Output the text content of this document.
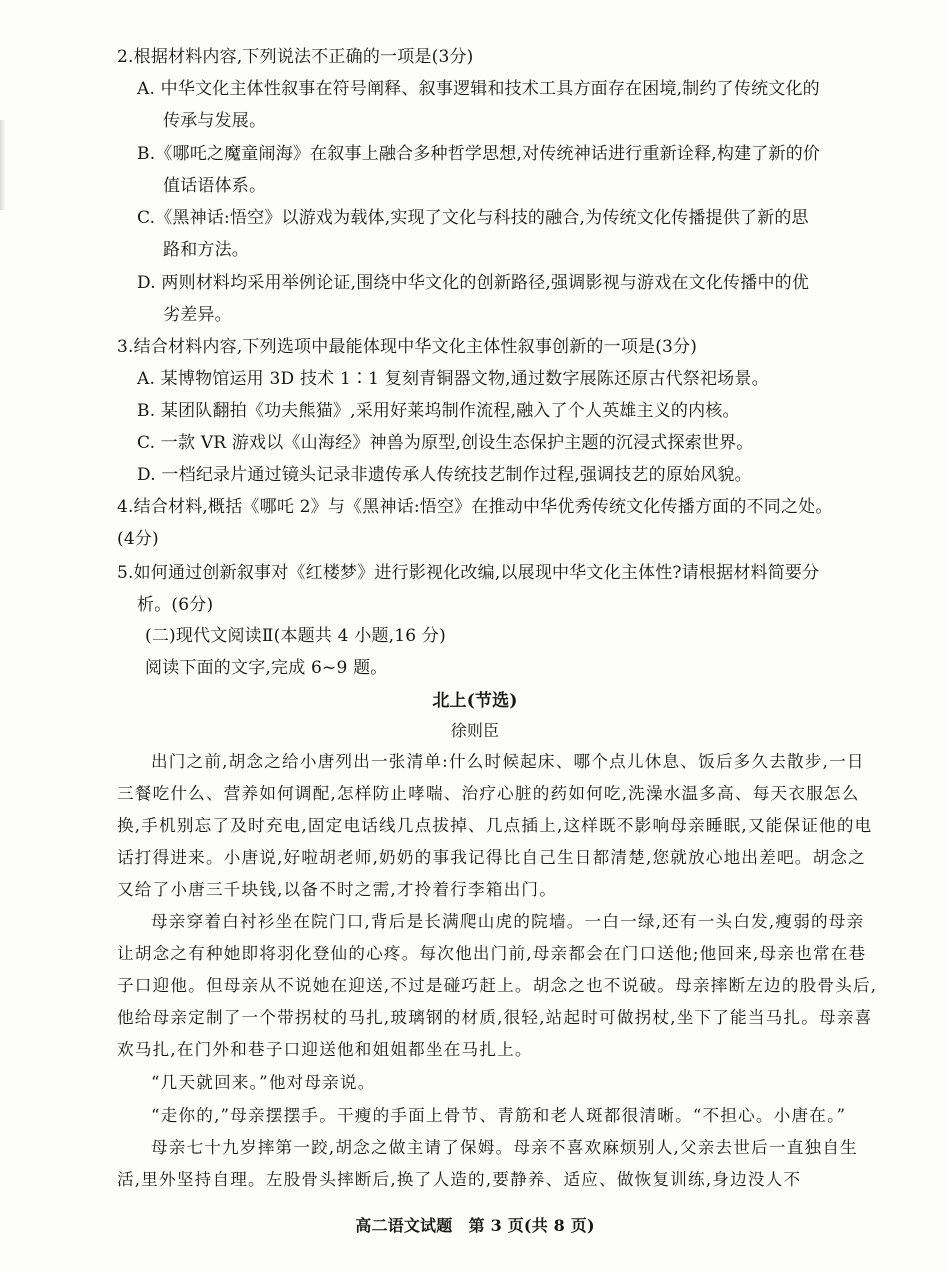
2.根据材料内容,下列说法不正确的一项是(3分)
A. 中华文化主体性叙事在符号阐释、叙事逻辑和技术工具方面存在困境,制约了传统文化的
传承与发展。
B.《哪吒之魔童闹海》在叙事上融合多种哲学思想,对传统神话进行重新诠释,构建了新的价
值话语体系。
C.《黑神话:悟空》以游戏为载体,实现了文化与科技的融合,为传统文化传播提供了新的思
路和方法。
D. 两则材料均采用举例论证,围绕中华文化的创新路径,强调影视与游戏在文化传播中的优
劣差异。
3.结合材料内容,下列选项中最能体现中华文化主体性叙事创新的一项是(3分)
A. 某博物馆运用 3D 技术 1∶1 复刻青铜器文物,通过数字展陈还原古代祭祀场景。
B. 某团队翻拍《功夫熊猫》,采用好莱坞制作流程,融入了个人英雄主义的内核。
C. 一款 VR 游戏以《山海经》神兽为原型,创设生态保护主题的沉浸式探索世界。
D. 一档纪录片通过镜头记录非遗传承人传统技艺制作过程,强调技艺的原始风貌。
4.结合材料,概括《哪吒 2》与《黑神话:悟空》在推动中华优秀传统文化传播方面的不同之处。
(4分)
5.如何通过创新叙事对《红楼梦》进行影视化改编,以展现中华文化主体性?请根据材料简要分
析。(6分)
(二)现代文阅读Ⅱ(本题共 4 小题,16 分)
阅读下面的文字,完成 6~9 题。
北上(节选)
徐则臣
出门之前,胡念之给小唐列出一张清单:什么时候起床、哪个点儿休息、饭后多久去散步,一日三餐吃什么、营养如何调配,怎样防止哮喘、治疗心脏的药如何吃,洗澡水温多高、每天衣服怎么换,手机别忘了及时充电,固定电话线几点拔掉、几点插上,这样既不影响母亲睡眠,又能保证他的电话打得进来。小唐说,好啦胡老师,奶奶的事我记得比自己生日都清楚,您就放心地出差吧。胡念之又给了小唐三千块钱,以备不时之需,才拎着行李箱出门。
母亲穿着白衬衫坐在院门口,背后是长满爬山虎的院墙。一白一绿,还有一头白发,瘦弱的母亲让胡念之有种她即将羽化登仙的心疼。每次他出门前,母亲都会在门口送他;他回来,母亲也常在巷子口迎他。但母亲从不说她在迎送,不过是碰巧赶上。胡念之也不说破。母亲摔断左边的股骨头后,他给母亲定制了一个带拐杖的马扎,玻璃钢的材质,很轻,站起时可做拐杖,坐下了能当马扎。母亲喜欢马扎,在门外和巷子口迎送他和姐姐都坐在马扎上。
“几天就回来。”他对母亲说。
“走你的,”母亲摆摆手。干瘦的手面上骨节、青筋和老人斑都很清晰。“不担心。小唐在。”
母亲七十九岁摔第一跤,胡念之做主请了保姆。母亲不喜欢麻烦别人,父亲去世后一直独自生活,里外坚持自理。左股骨头摔断后,换了人造的,要静养、适应、做恢复训练,身边没人不
高二语文试题　第 3 页(共 8 页)
